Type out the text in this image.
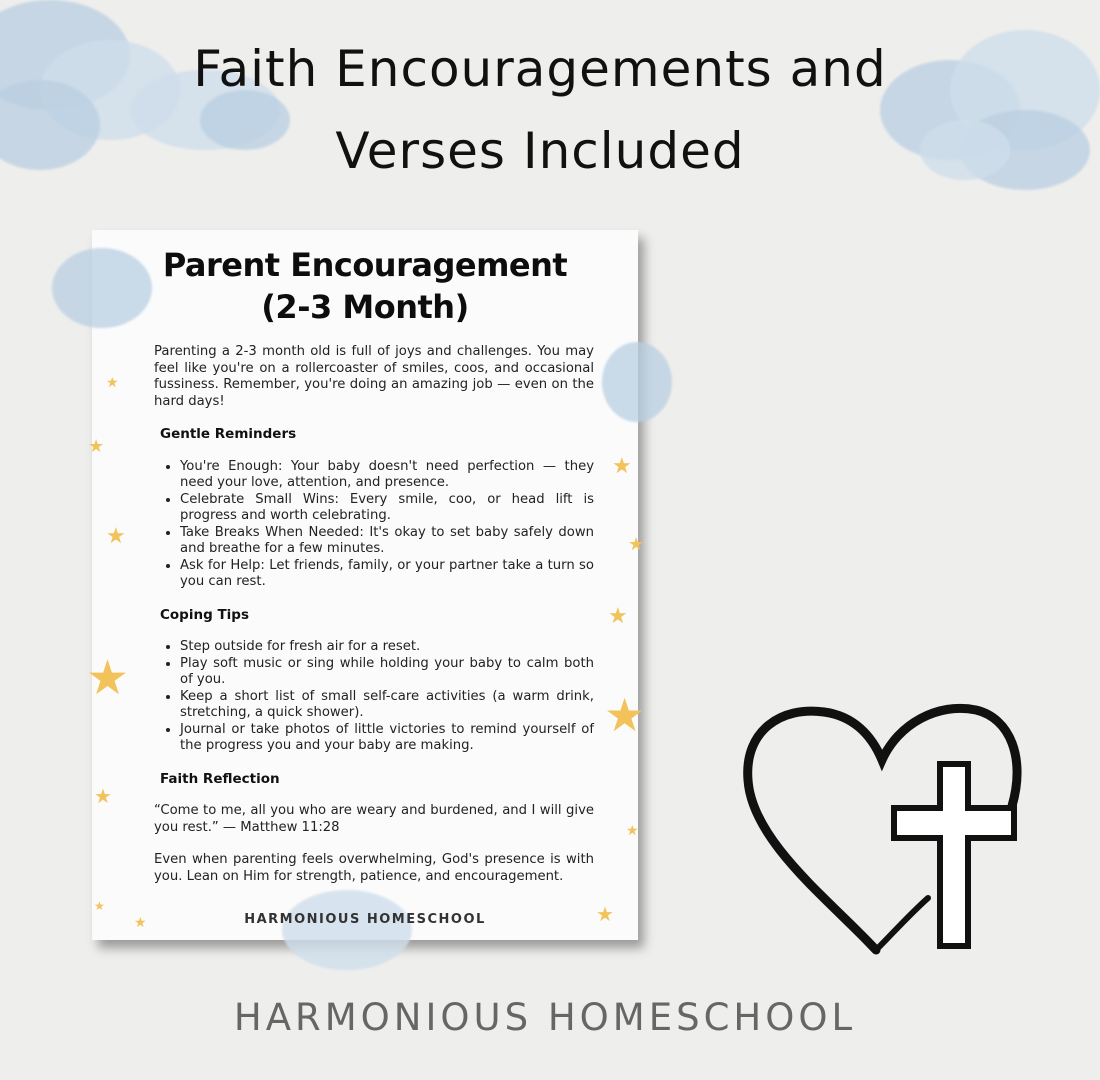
Faith Encouragements and
Verses Included
★
★
★
★
★
★
★
★
★
★
★
★
★
Parent Encouragement
(2-3 Month)

Parenting a 2-3 month old is full of joys and challenges. You may feel like you're on a rollercoaster of smiles, coos, and occasional fussiness. Remember, you're doing an amazing job — even on the hard days!

Gentle Reminders
• You're Enough: Your baby doesn't need perfection — they need your love, attention, and presence.
• Celebrate Small Wins: Every smile, coo, or head lift is progress and worth celebrating.
• Take Breaks When Needed: It's okay to set baby safely down and breathe for a few minutes.
• Ask for Help: Let friends, family, or your partner take a turn so you can rest.
Coping Tips
• Step outside for fresh air for a reset.
• Play soft music or sing while holding your baby to calm both of you.
• Keep a short list of small self-care activities (a warm drink, stretching, a quick shower).
• Journal or take photos of little victories to remind yourself of the progress you and your baby are making.
Faith Reflection

“Come to me, all you who are weary and burdened, and I will give you rest.” — Matthew 11:28

Even when parenting feels overwhelming, God's presence is with you. Lean on Him for strength, patience, and encouragement.

HARMONIOUS HOMESCHOOL
HARMONIOUS HOMESCHOOL
